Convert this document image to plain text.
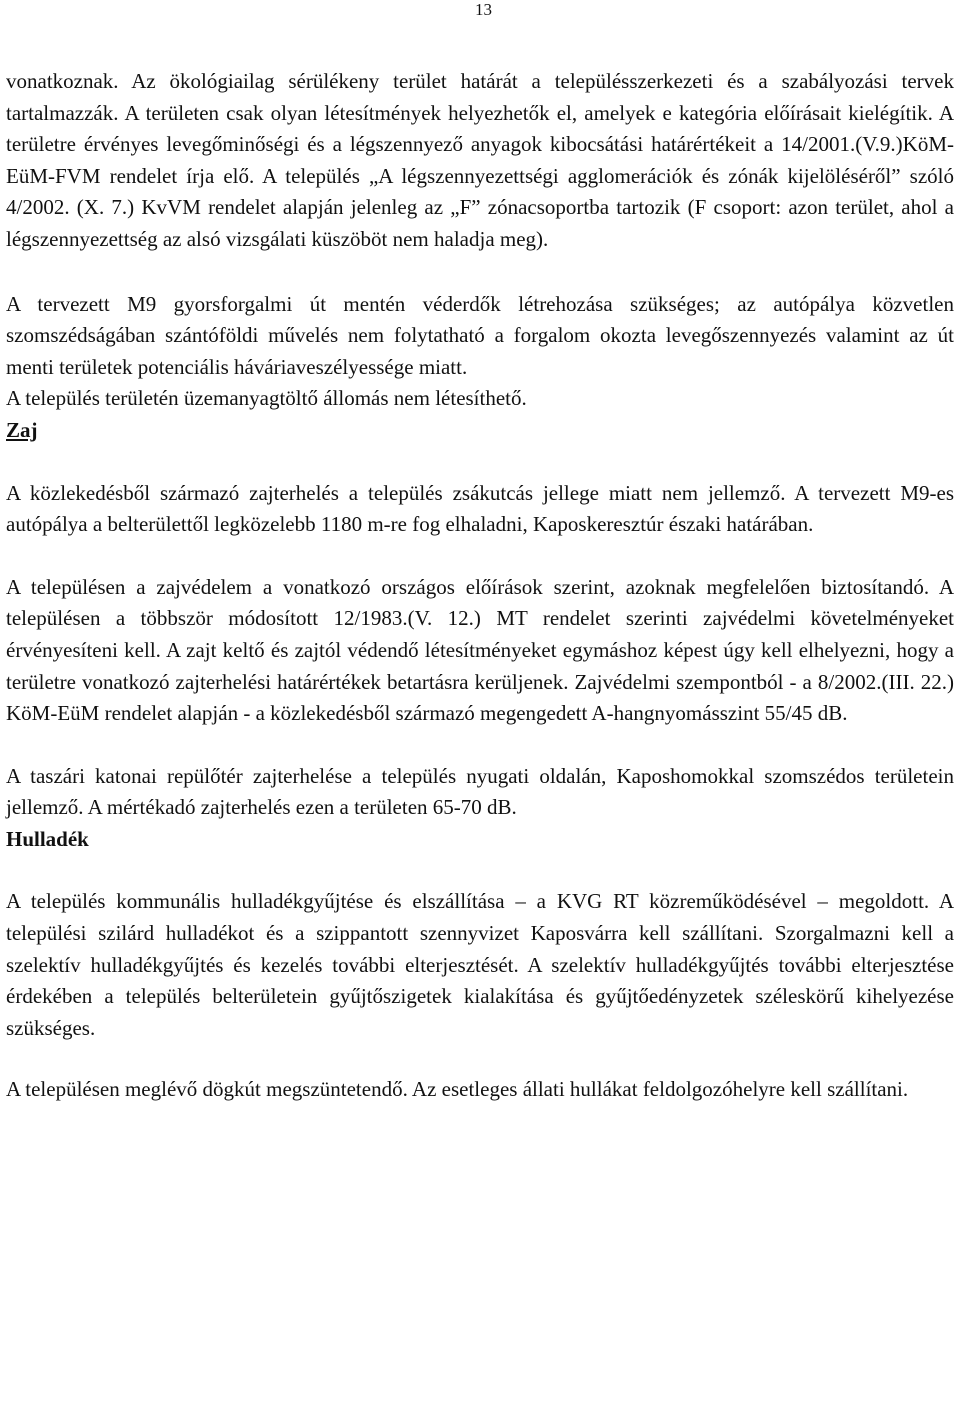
13

vonatkoznak. Az ökológiailag sérülékeny terület határát a településszerkezeti és a szabályozási tervek tartalmazzák. A területen csak olyan létesítmények helyezhetők el, amelyek e kategória előírásait kielégítik. A területre érvényes levegőminőségi és a légszennyező anyagok kibocsátási határértékeit a 14/2001.(V.9.)KöM-EüM-FVM rendelet írja elő. A település „A légszennyezettségi agglomerációk és zónák kijelöléséről” szóló 4/2002. (X. 7.) KvVM rendelet alapján jelenleg az „F” zónacsoportba tartozik (F csoport: azon terület, ahol a légszennyezettség az alsó vizsgálati küszöböt nem haladja meg).

A tervezett M9 gyorsforgalmi út mentén véderdők létrehozása szükséges; az autópálya közvetlen szomszédságában szántóföldi művelés nem folytatható a forgalom okozta levegőszennyezés valamint az út menti területek potenciális háváriaveszélyessége miatt.

A település területén üzemanyagtöltő állomás nem létesíthető.

Zaj

A közlekedésből származó zajterhelés a település zsákutcás jellege miatt nem jellemző. A tervezett M9-es autópálya a belterülettől legközelebb 1180 m-re fog elhaladni, Kaposkeresztúr északi határában.

A településen a zajvédelem a vonatkozó országos előírások szerint, azoknak megfelelően biztosítandó. A településen a többször módosított 12/1983.(V. 12.) MT rendelet szerinti zajvédelmi követelményeket érvényesíteni kell. A zajt keltő és zajtól védendő létesítményeket egymáshoz képest úgy kell elhelyezni, hogy a területre vonatkozó zajterhelési határértékek betartásra kerüljenek. Zajvédelmi szempontból - a 8/2002.(III. 22.) KöM-EüM rendelet alapján - a közlekedésből származó megengedett A-hangnyomásszint 55/45 dB.

A taszári katonai repülőtér zajterhelése a település nyugati oldalán, Kaposhomokkal szomszédos területein jellemző. A mértékadó zajterhelés ezen a területen 65-70 dB.

Hulladék

A település kommunális hulladékgyűjtése és elszállítása – a KVG RT közreműködésével – megoldott. A települési szilárd hulladékot és a szippantott szennyvizet Kaposvárra kell szállítani. Szorgalmazni kell a szelektív hulladékgyűjtés és kezelés további elterjesztését. A szelektív hulladékgyűjtés további elterjesztése érdekében a település belterületein gyűjtőszigetek kialakítása és gyűjtőedényzetek széleskörű kihelyezése szükséges.

A településen meglévő dögkút megszüntetendő. Az esetleges állati hullákat feldolgozóhelyre kell szállítani.
